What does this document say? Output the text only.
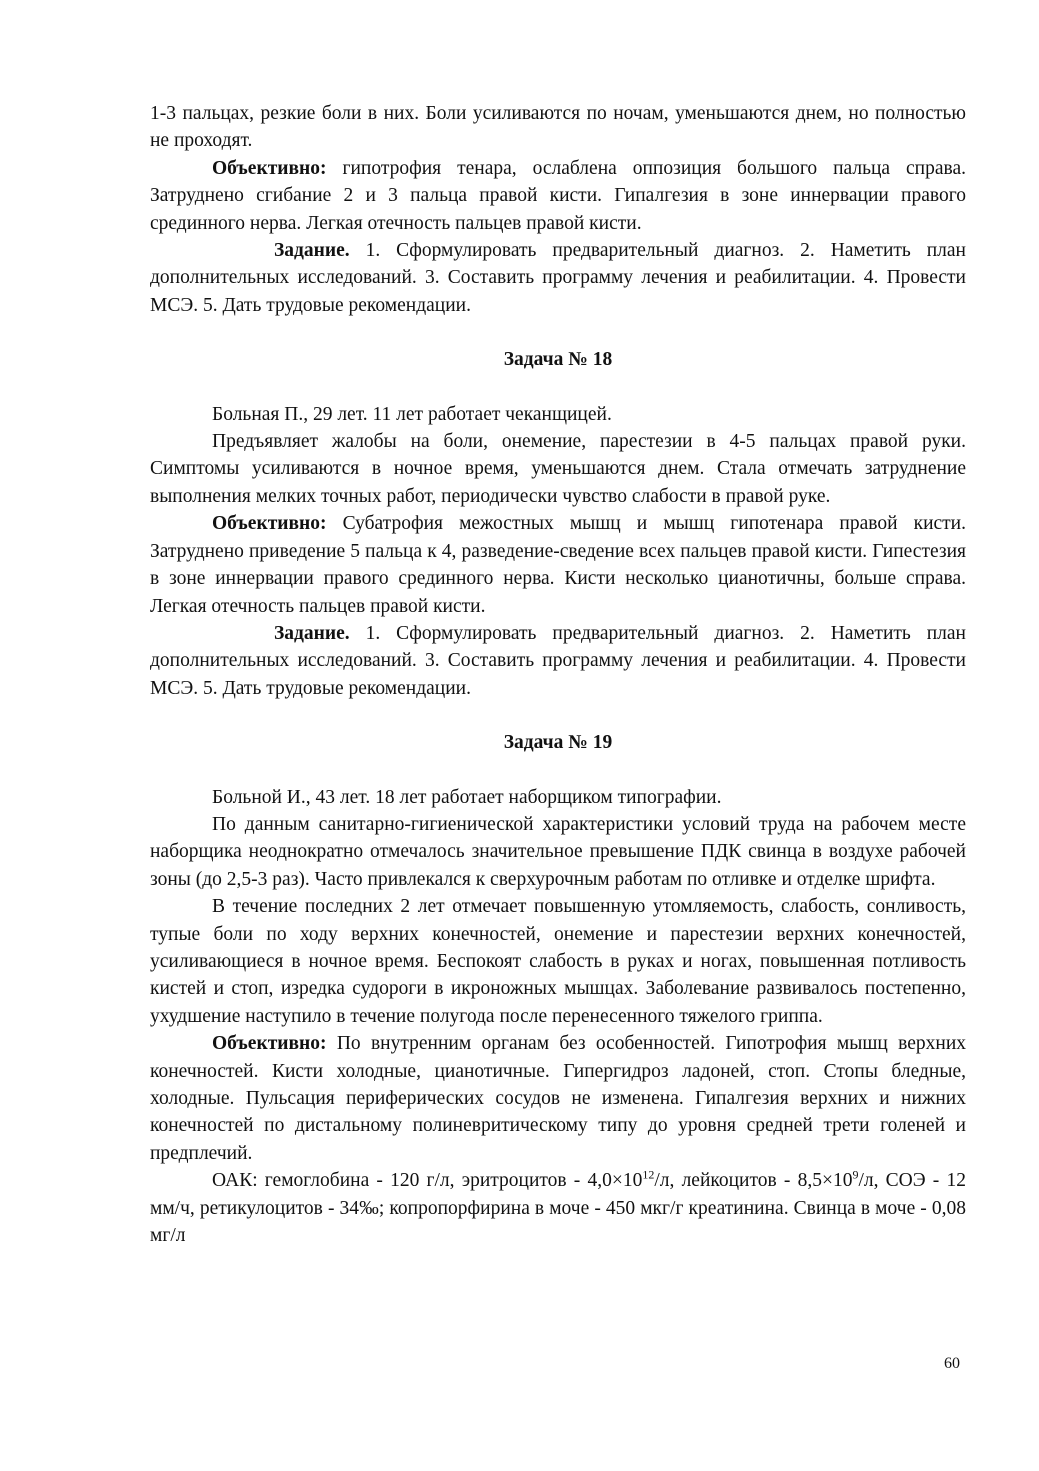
1-3 пальцах, резкие боли в них. Боли усиливаются по ночам, уменьшаются днем, но полностью не проходят.

Объективно: гипотрофия тенара, ослаблена оппозиция большого пальца справа. Затруднено сгибание 2 и 3 пальца правой кисти. Гипалгезия в зоне иннервации правого срединного нерва. Легкая отечность пальцев правой кисти.

Задание. 1. Сформулировать предварительный диагноз. 2. Наметить план дополнительных исследований. 3. Составить программу лечения и реабилитации. 4. Провести МСЭ. 5. Дать трудовые рекомендации.

Задача № 18

Больная П., 29 лет. 11 лет работает чеканщицей.

Предъявляет жалобы на боли, онемение, парестезии в 4-5 пальцах правой руки. Симптомы усиливаются в ночное время, уменьшаются днем. Стала отмечать затруднение выполнения мелких точных работ, периодически чувство слабости в правой руке.

Объективно: Субатрофия межостных мышц и мышц гипотенара правой кисти. Затруднено приведение 5 пальца к 4, разведение-сведение всех пальцев правой кисти. Гипестезия в зоне иннервации правого срединного нерва. Кисти несколько цианотичны, больше справа. Легкая отечность пальцев правой кисти.

Задание. 1. Сформулировать предварительный диагноз. 2. Наметить план дополнительных исследований. 3. Составить программу лечения и реабилитации. 4. Провести МСЭ. 5. Дать трудовые рекомендации.

Задача № 19

Больной И., 43 лет. 18 лет работает наборщиком типографии.

По данным санитарно-гигиенической характеристики условий труда на рабочем месте наборщика неоднократно отмечалось значительное превышение ПДК свинца в воздухе рабочей зоны (до 2,5-3 раз). Часто привлекался к сверхурочным работам по отливке и отделке шрифта.

В течение последних 2 лет отмечает повышенную утомляемость, слабость, сонливость, тупые боли по ходу верхних конечностей, онемение и парестезии верхних конечностей, усиливающиеся в ночное время. Беспокоят слабость в руках и ногах, повышенная потливость кистей и стоп, изредка судороги в икроножных мышцах. Заболевание развивалось постепенно, ухудшение наступило в течение полугода после перенесенного тяжелого гриппа.

Объективно: По внутренним органам без особенностей. Гипотрофия мышц верхних конечностей. Кисти холодные, цианотичные. Гипергидроз ладоней, стоп. Стопы бледные, холодные. Пульсация периферических сосудов не изменена. Гипалгезия верхних и нижних конечностей по дистальному полиневритическому типу до уровня средней трети голеней и предплечий.

ОАК: гемоглобина - 120 г/л, эритроцитов - $4,0\times 10^{12}/л$, лейкоцитов - $8,5\times 10^9/л$, СОЭ - 12 мм/ч, ретикулоцитов - 34‰; копропорфирина в моче - 450 мкг/г креатинина. Свинца в моче - 0,08 мг/л

60
